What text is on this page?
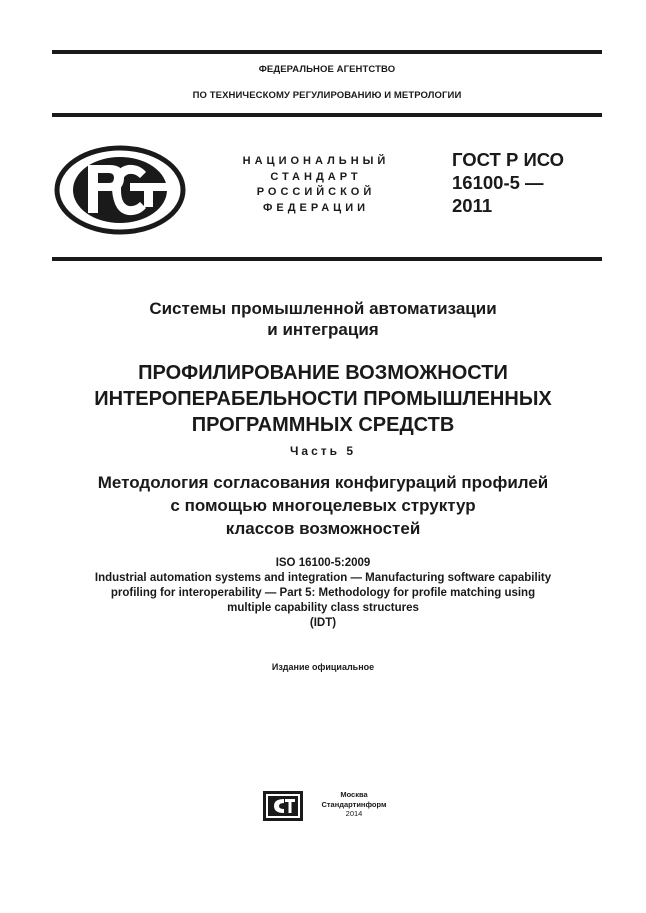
ФЕДЕРАЛЬНОЕ АГЕНТСТВО
ПО ТЕХНИЧЕСКОМУ РЕГУЛИРОВАНИЮ И МЕТРОЛОГИИ
НАЦИОНАЛЬНЫЙ
СТАНДАРТ
РОССИЙСКОЙ
ФЕДЕРАЦИИ
ГОСТ Р ИСО
16100-5 —
2011
Системы промышленной автоматизации
и интеграция
ПРОФИЛИРОВАНИЕ ВОЗМОЖНОСТИ
ИНТЕРОПЕРАБЕЛЬНОСТИ ПРОМЫШЛЕННЫХ
ПРОГРАММНЫХ СРЕДСТВ
Часть 5
Методология согласования конфигураций профилей
с помощью многоцелевых структур
классов возможностей
ISO 16100-5:2009
Industrial automation systems and integration — Manufacturing software capability
profiling for interoperability — Part 5: Methodology for profile matching using
multiple capability class structures
(IDT)
Издание официальное
Москва
Стандартинформ
2014
